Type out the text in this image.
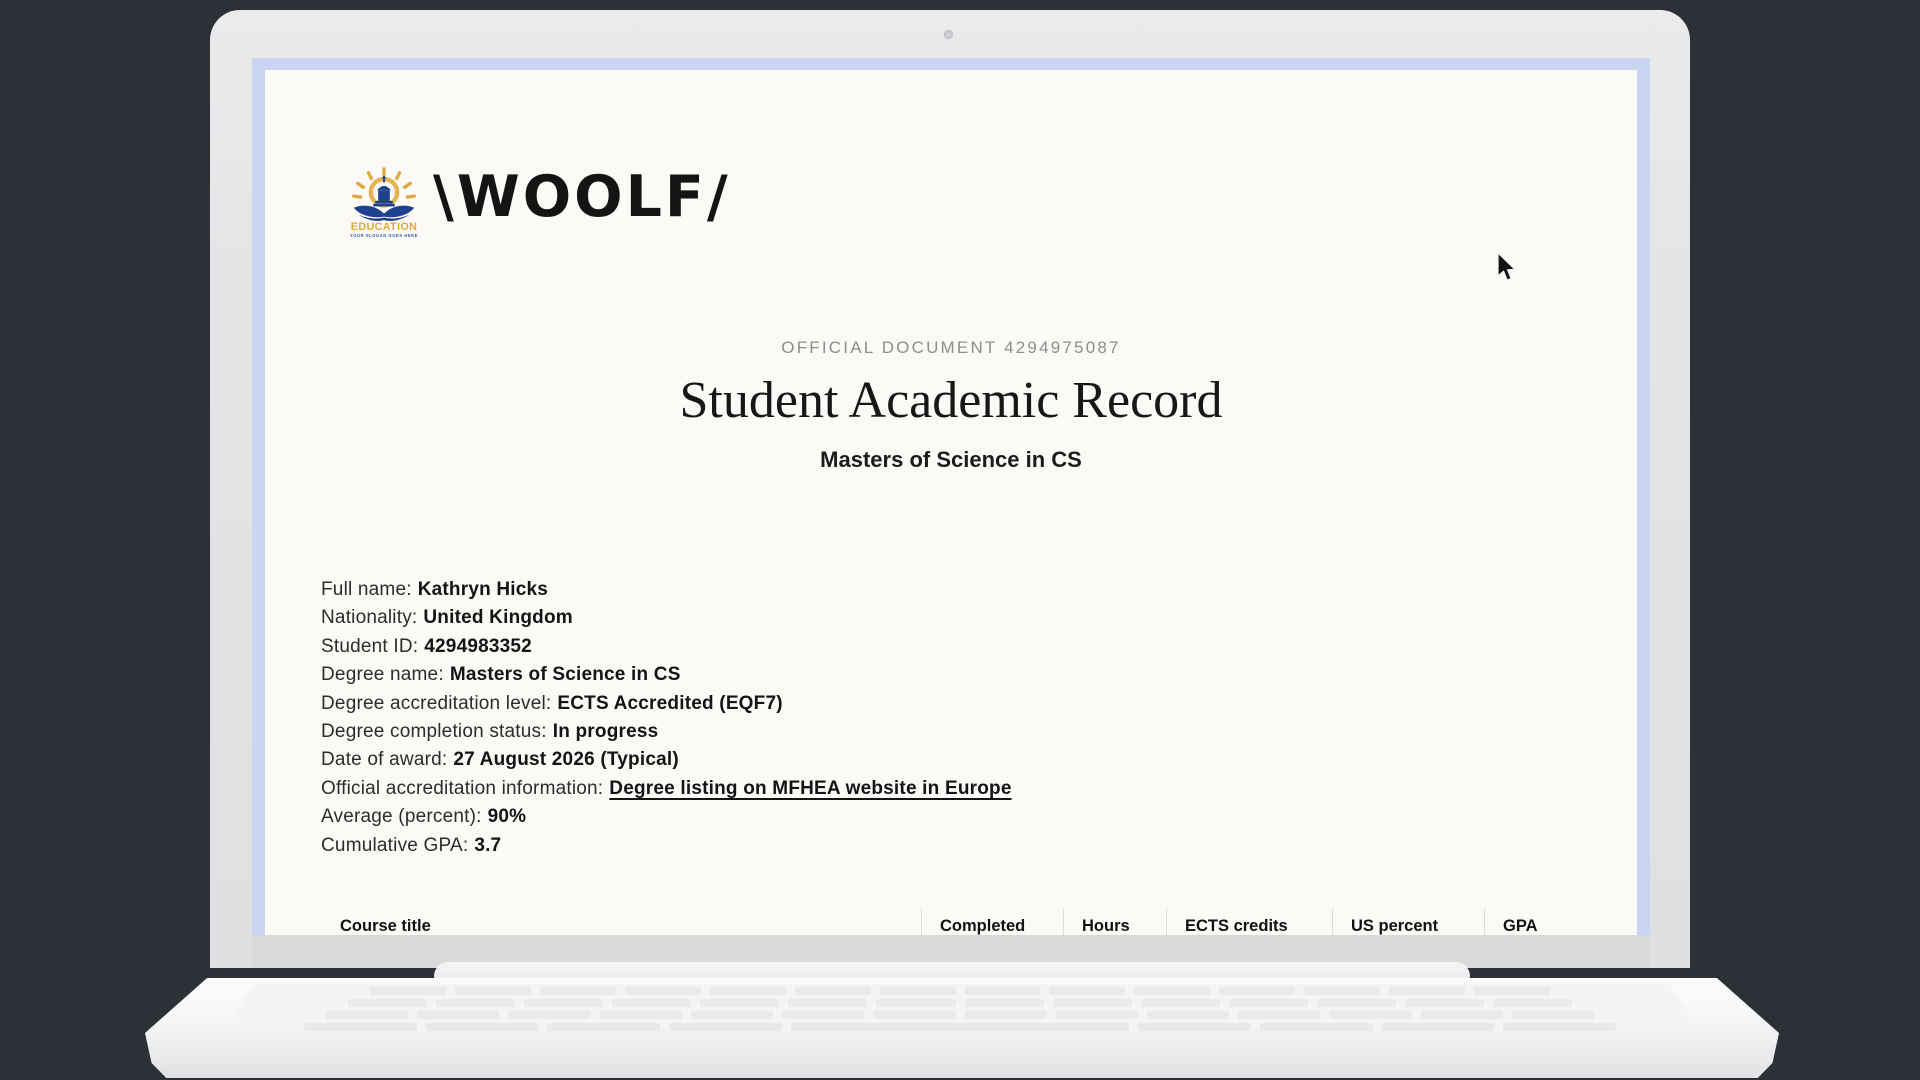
EDUCATION
YOUR SLOGAN GOES HERE
\WOOLF/
OFFICIAL DOCUMENT 4294975087
Student Academic Record
Masters of Science in CS
Full name: Kathryn Hicks
Nationality: United Kingdom
Student ID: 4294983352
Degree name: Masters of Science in CS
Degree accreditation level: ECTS Accredited (EQF7)
Degree completion status: In progress
Date of award: 27 August 2026 (Typical)
Official accreditation information: Degree listing on MFHEA website in Europe
Average (percent): 90%
Cumulative GPA: 3.7
Course title	Completed	Hours	ECTS credits	US percent	GPA
